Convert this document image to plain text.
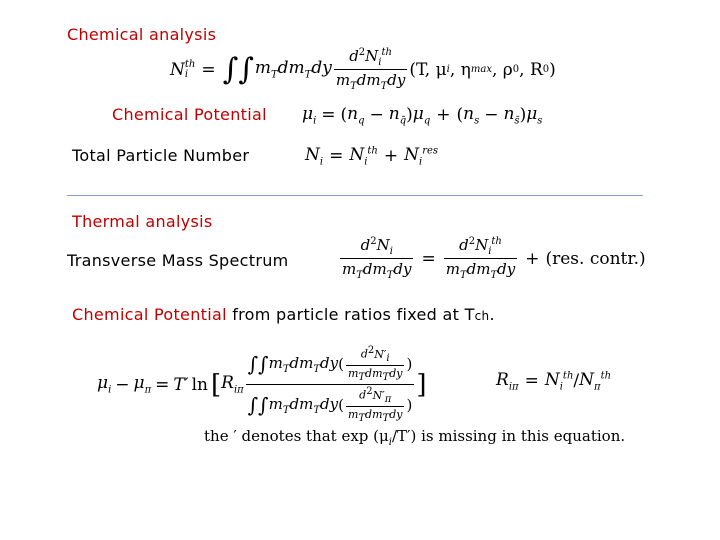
Chemical analysis
N th
i = ∫∫ $m_Tdm_Tdy \frac{d^2N_i^{th}}{m_Tdm_Tdy} (T$, μ i , η max , ρ 0 , R 0 )
Chemical Potential $\mu_i$ = ( $n_q - n_{q̄}$ ) $\mu_q$ + ( $n_s - n_{s̄}$ ) $\mu_s$
Total Particle Number	$N_i = N_i^{th} + N_i^{res}$
Thermal analysis
Transverse Mass Spectrum	$\frac{d^2N_i}{m_Tdm_Tdy} = \frac{d^2N_i^{th}}{m_Tdm_Tdy} + (res$. contr.)
Chemical Potential from particle ratios fixed at Tch.
$\mu_i - \mu_\pi = T'$ ln [ $R_{i\pi} \frac{\int\int m_Tdm_Tdy ( \frac{d^2N'_i}{m_Tdm_Tdy} )}{\int\int m_Tdm_Tdy ( \frac{d^2N'_\pi}{m_Tdm_Tdy} )}$ ]	$R_{i\pi} = N_i^{th} / N_\pi^{th}$
the ′ denotes that $\exp (\mu_i/T')$ is missing in this equation.
